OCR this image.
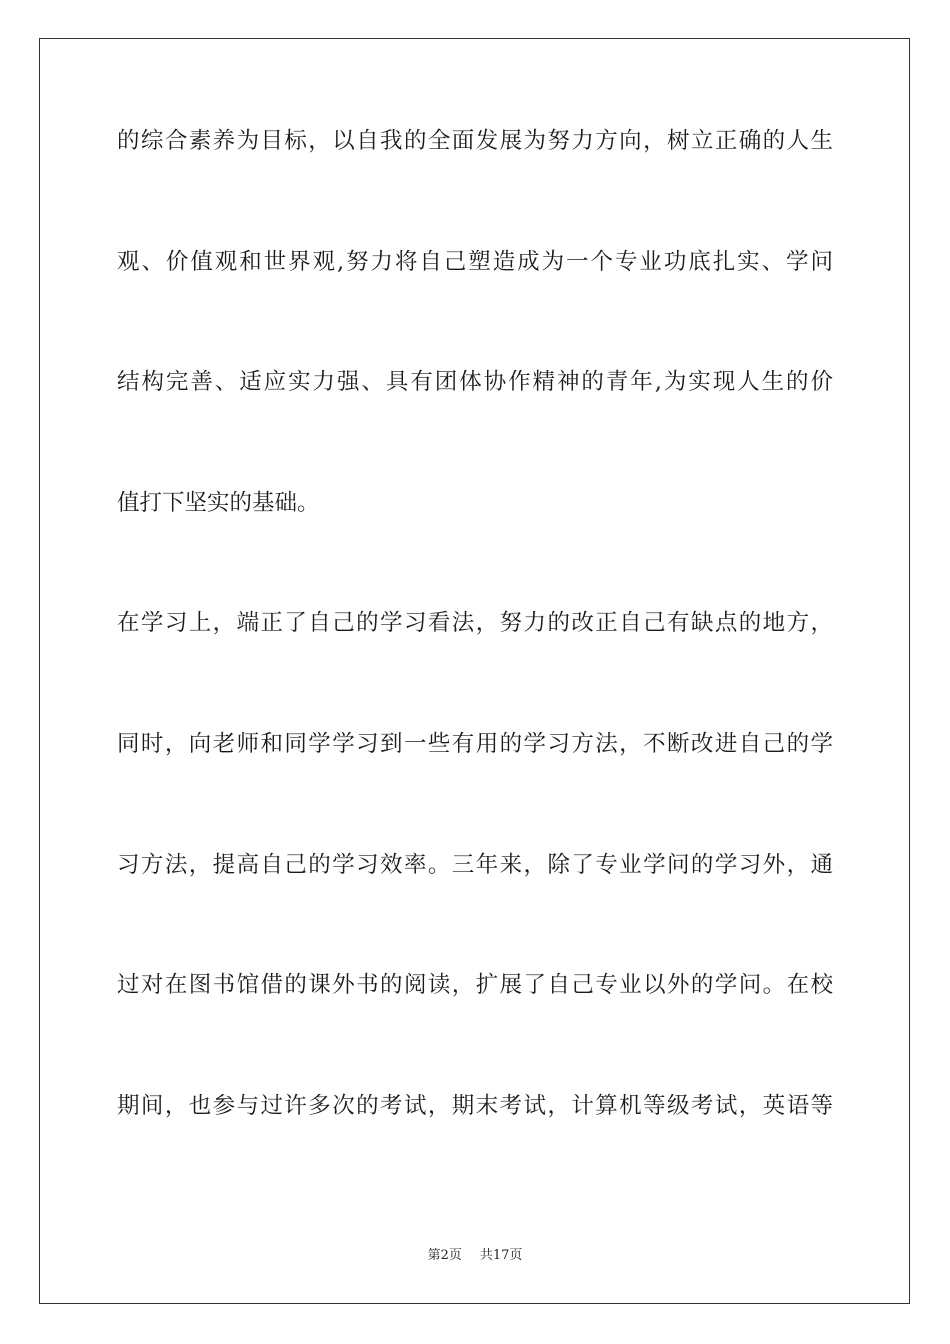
的综合素养为目标，以自我的全面发展为努力方向，树立正确的人生
观、价值观和世界观,努力将自己塑造成为一个专业功底扎实、学问
结构完善、适应实力强、具有团体协作精神的青年,为实现人生的价
值打下坚实的基础。
在学习上，端正了自己的学习看法，努力的改正自己有缺点的地方，
同时，向老师和同学学习到一些有用的学习方法，不断改进自己的学
习方法，提高自己的学习效率。三年来，除了专业学问的学习外，通
过对在图书馆借的课外书的阅读，扩展了自己专业以外的学问。在校
期间，也参与过许多次的考试，期末考试，计算机等级考试，英语等
第2页 共17页
